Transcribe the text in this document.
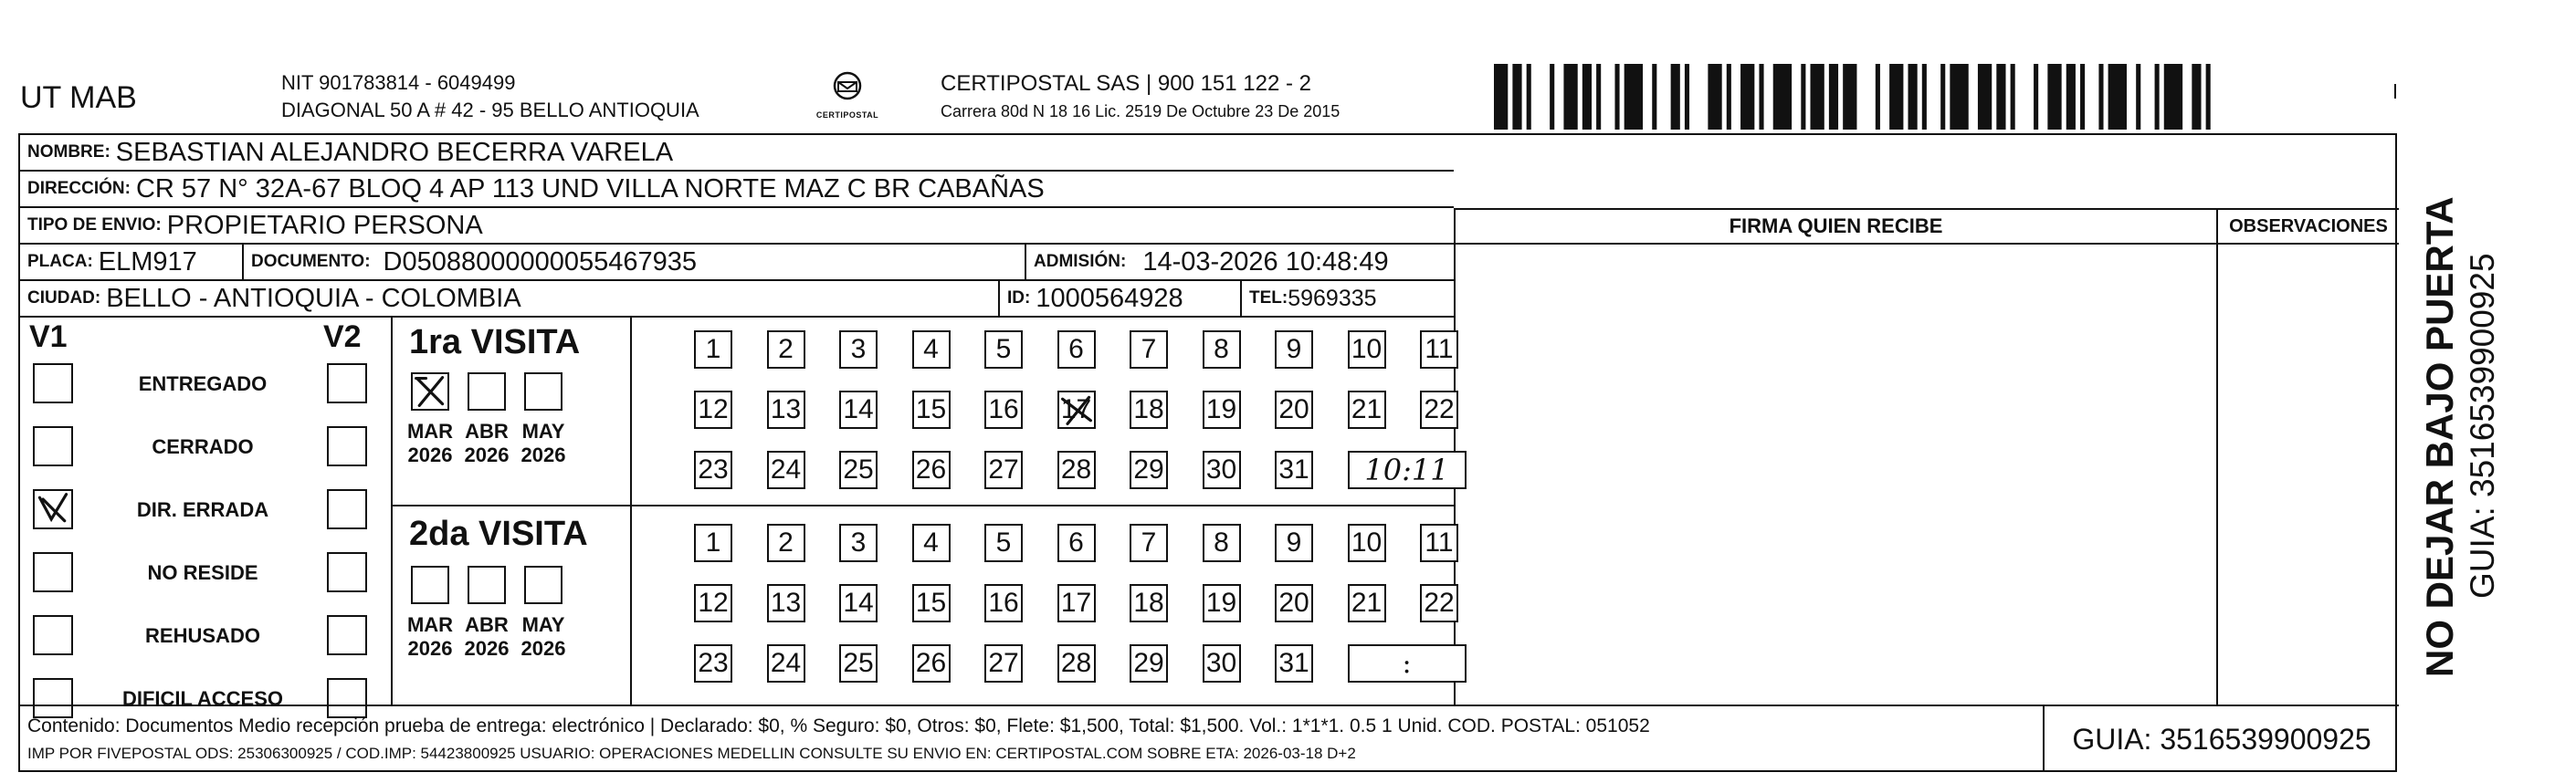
UT MAB	NIT 901783814 - 6049499
DIAGONAL 50 A # 42 - 95 BELLO ANTIOQUIA	CERTIPOSTAL
CERTIPOSTAL SAS | 900 151 122 - 2
Carrera 80d N 18 16 Lic. 2519 De Octubre 23 De 2015
NOMBRE: SEBASTIAN ALEJANDRO BECERRA VARELA
DIRECCIÓN: CR 57 N° 32A-67 BLOQ 4 AP 113 UND VILLA NORTE MAZ C BR CABAÑAS
TIPO DE ENVIO: PROPIETARIO PERSONA
PLACA: ELM917	DOCUMENTO: D05088000000055467935	ADMISIÓN: 14-03-2026 10:48:49
CIUDAD: BELLO - ANTIOQUIA - COLOMBIA	ID: 1000564928	TEL: 5969335
FIRMA QUIEN RECIBE	OBSERVACIONES
V1	V2
ENTREGADO
CERRADO
DIR. ERRADA
NO RESIDE
REHUSADO
DIFICIL ACCESO
1ra VISITA
2da VISITA
MAR
2026
ABR
2026
MAY
2026
MAR
2026
ABR
2026
MAY
2026
1 2 3 4 5 6 7 8 9 10 11
12 13 14 15 16 17 18 19 20 21 22
23 24 25 26 27 28 29 30 31 10:11
1 2 3 4 5 6 7 8 9 10 11
12 13 14 15 16 17 18 19 20 21 22
23 24 25 26 27 28 29 30 31	:
Contenido: Documentos Medio recepción prueba de entrega: electrónico | Declarado: $0, % Seguro: $0, Otros: $0, Flete: $1,500, Total: $1,500. Vol.: 1*1*1. 0.5 1 Unid. COD. POSTAL: 051052
IMP POR FIVEPOSTAL ODS: 25306300925 / COD.IMP: 54423800925 USUARIO: OPERACIONES MEDELLIN CONSULTE SU ENVIO EN: CERTIPOSTAL.COM SOBRE ETA: 2026-03-18 D+2	GUIA: 3516539900925
NO DEJAR BAJO PUERTA GUIA: 3516539900925
